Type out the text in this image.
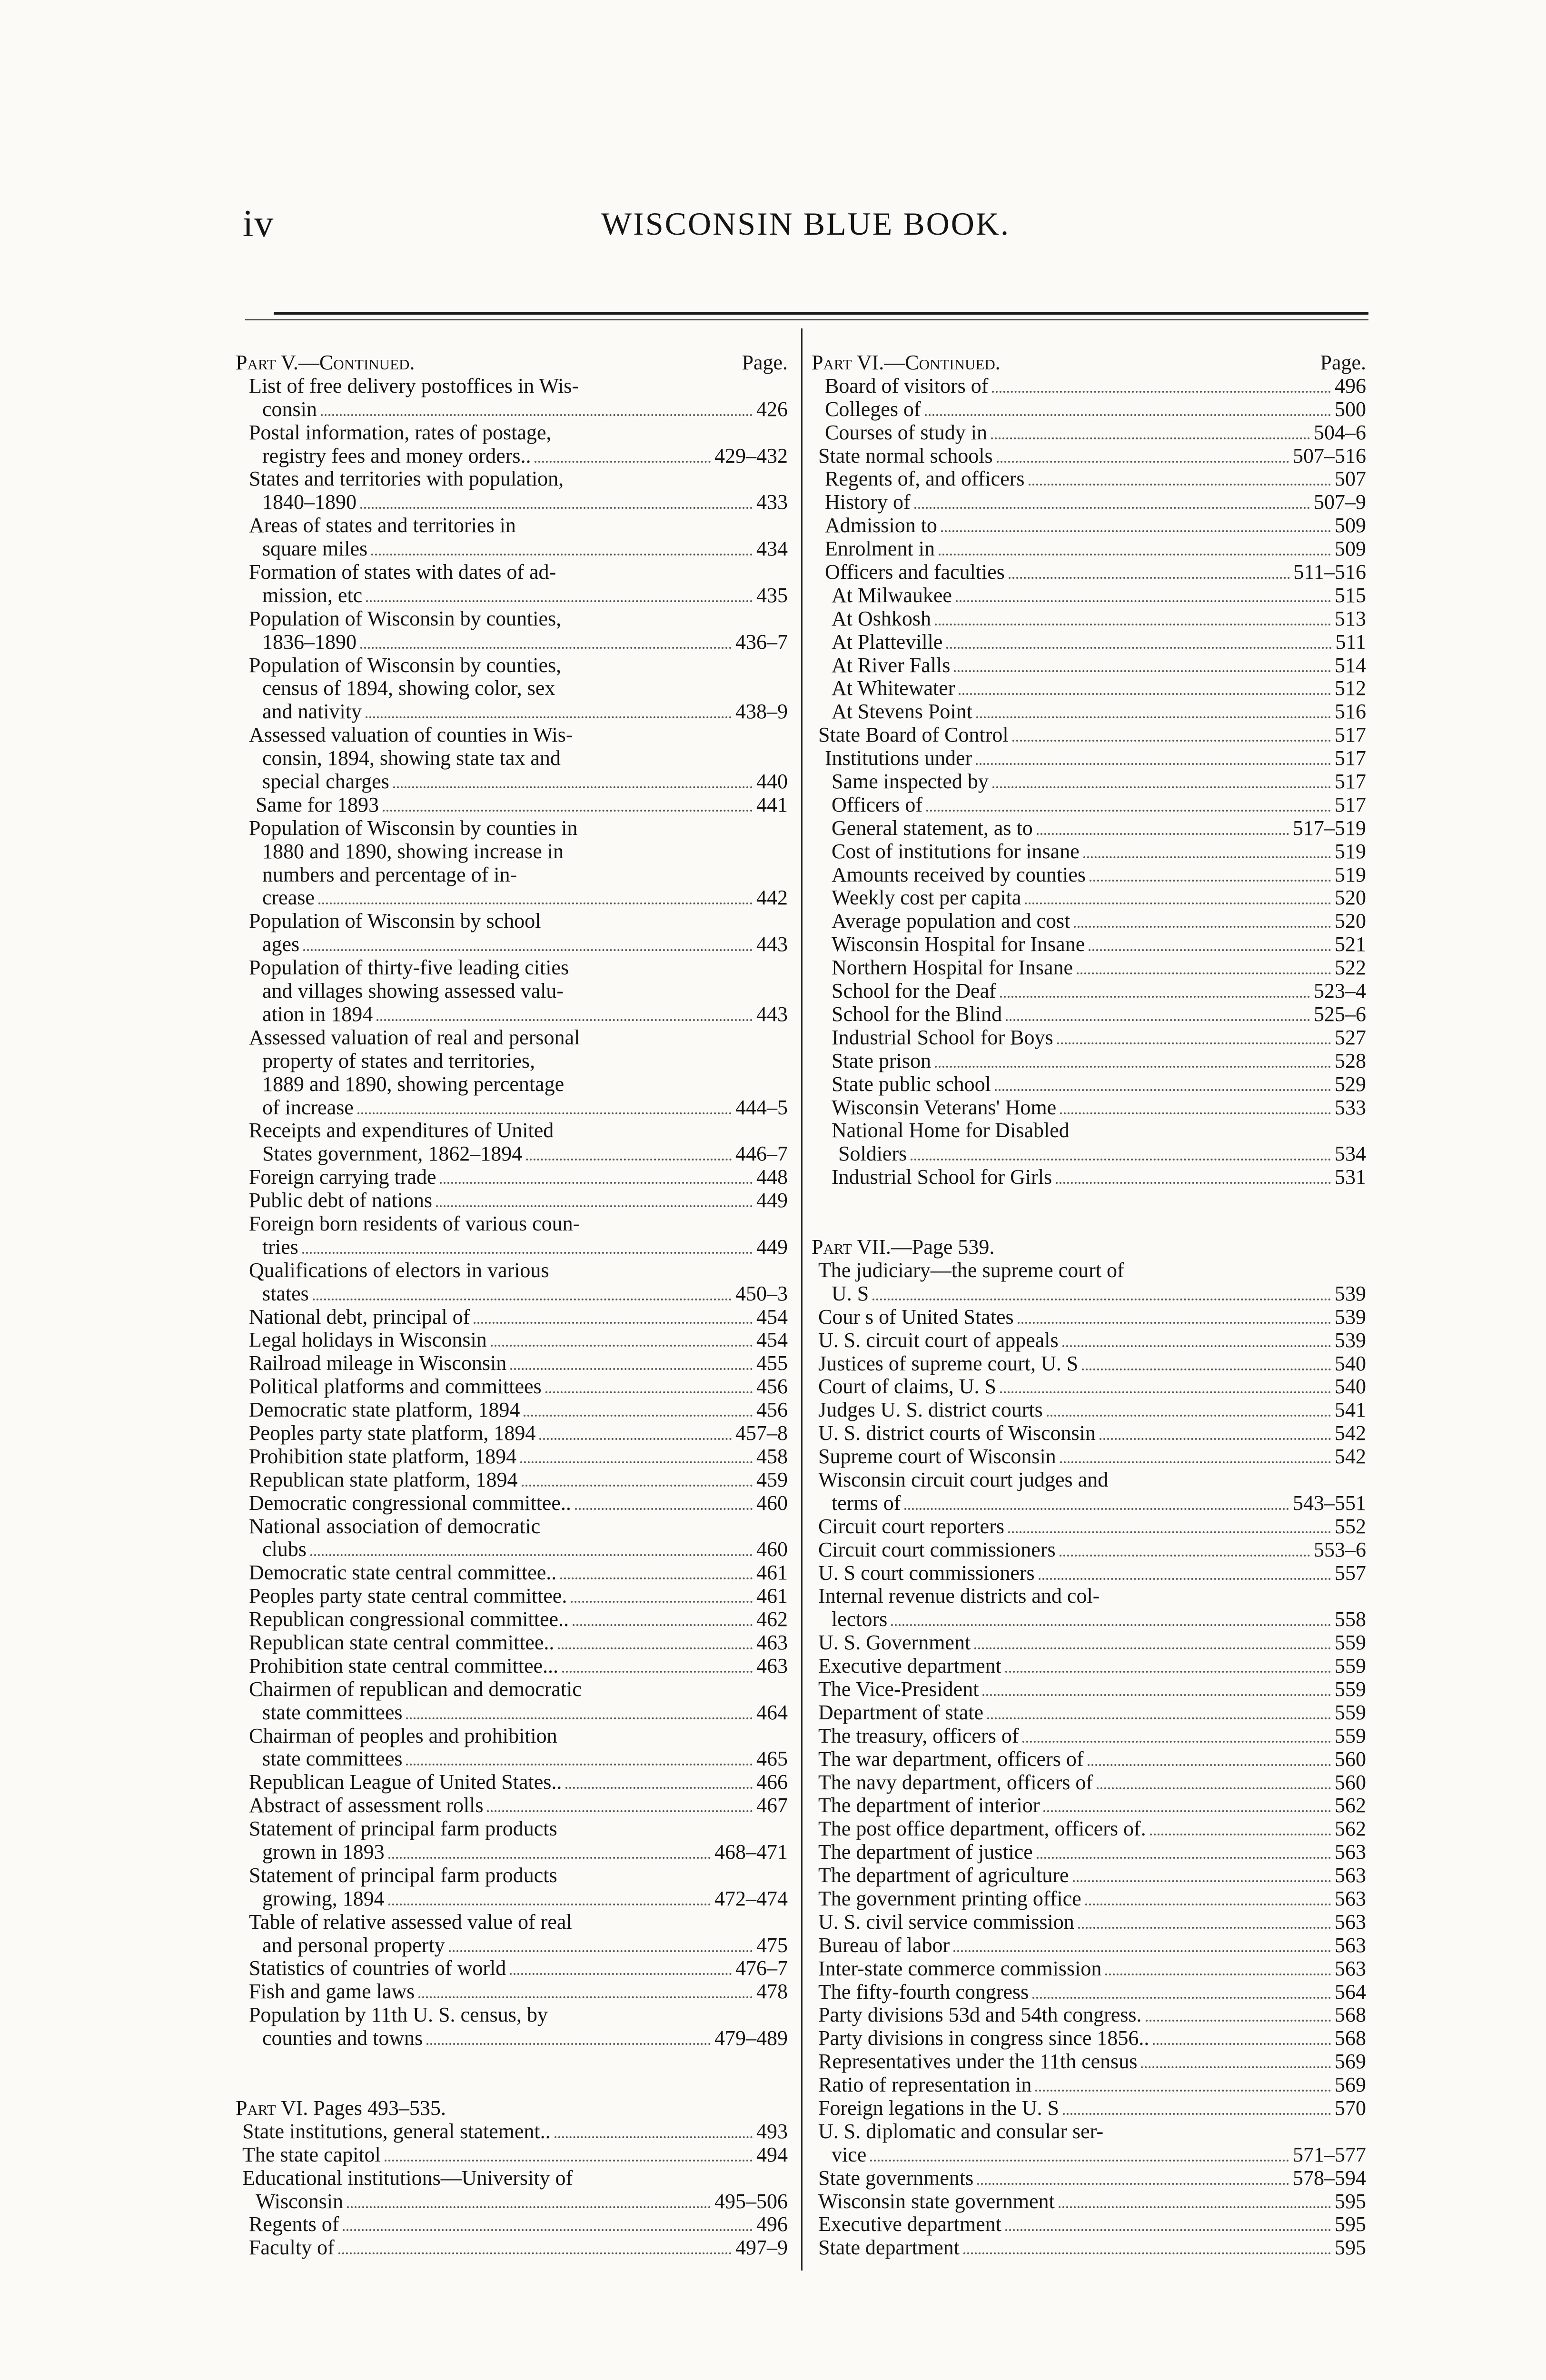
iv	WISCONSIN BLUE BOOK.
Part V.—Continued.	Page.
List of free delivery postoffices in Wis-
consin	426
Postal information, rates of postage,
registry fees and money orders..	429–432
States and territories with population,
1840–1890	433
Areas of states and territories in
square miles	434
Formation of states with dates of ad-
mission, etc	435
Population of Wisconsin by counties,
1836–1890	436–7
Population of Wisconsin by counties,
census of 1894, showing color, sex
and nativity	438–9
Assessed valuation of counties in Wis-
consin, 1894, showing state tax and
special charges	440
Same for 1893	441
Population of Wisconsin by counties in
1880 and 1890, showing increase in
numbers and percentage of in-
crease	442
Population of Wisconsin by school
ages	443
Population of thirty-five leading cities
and villages showing assessed valu-
ation in 1894	443
Assessed valuation of real and personal
property of states and territories,
1889 and 1890, showing percentage
of increase	444–5
Receipts and expenditures of United
States government, 1862–1894	446–7
Foreign carrying trade	448
Public debt of nations	449
Foreign born residents of various coun-
tries	449
Qualifications of electors in various
states	450–3
National debt, principal of	454
Legal holidays in Wisconsin	454
Railroad mileage in Wisconsin	455
Political platforms and committees	456
Democratic state platform, 1894	456
Peoples party state platform, 1894	457–8
Prohibition state platform, 1894	458
Republican state platform, 1894	459
Democratic congressional committee..	460
National association of democratic
clubs	460
Democratic state central committee..	461
Peoples party state central committee.	461
Republican congressional committee..	462
Republican state central committee..	463
Prohibition state central committee...	463
Chairmen of republican and democratic
state committees	464
Chairman of peoples and prohibition
state committees	465
Republican League of United States..	466
Abstract of assessment rolls	467
Statement of principal farm products
grown in 1893	468–471
Statement of principal farm products
growing, 1894	472–474
Table of relative assessed value of real
and personal property	475
Statistics of countries of world	476–7
Fish and game laws	478
Population by 11th U. S. census, by
counties and towns	479–489
Part VI. Pages 493–535.
State institutions, general statement..	493
The state capitol	494
Educational institutions—University of
Wisconsin	495–506
Regents of	496
Faculty of	497–9
Part VI.—Continued.	Page.
Board of visitors of	496
Colleges of	500
Courses of study in	504–6
State normal schools	507–516
Regents of, and officers	507
History of	507–9
Admission to	509
Enrolment in	509
Officers and faculties	511–516
At Milwaukee	515
At Oshkosh	513
At Platteville	511
At River Falls	514
At Whitewater	512
At Stevens Point	516
State Board of Control	517
Institutions under	517
Same inspected by	517
Officers of	517
General statement, as to	517–519
Cost of institutions for insane	519
Amounts received by counties	519
Weekly cost per capita	520
Average population and cost	520
Wisconsin Hospital for Insane	521
Northern Hospital for Insane	522
School for the Deaf	523–4
School for the Blind	525–6
Industrial School for Boys	527
State prison	528
State public school	529
Wisconsin Veterans' Home	533
National Home for Disabled
Soldiers	534
Industrial School for Girls	531
Part VII.—Page 539.
The judiciary—the supreme court of
U. S	539
Cour s of United States	539
U. S. circuit court of appeals	539
Justices of supreme court, U. S	540
Court of claims, U. S	540
Judges U. S. district courts	541
U. S. district courts of Wisconsin	542
Supreme court of Wisconsin	542
Wisconsin circuit court judges and
terms of	543–551
Circuit court reporters	552
Circuit court commissioners	553–6
U. S court commissioners	557
Internal revenue districts and col-
lectors	558
U. S. Government	559
Executive department	559
The Vice-President	559
Department of state	559
The treasury, officers of	559
The war department, officers of	560
The navy department, officers of	560
The department of interior	562
The post office department, officers of.	562
The department of justice	563
The department of agriculture	563
The government printing office	563
U. S. civil service commission	563
Bureau of labor	563
Inter-state commerce commission	563
The fifty-fourth congress	564
Party divisions 53d and 54th congress.	568
Party divisions in congress since 1856..	568
Representatives under the 11th census	569
Ratio of representation in	569
Foreign legations in the U. S	570
U. S. diplomatic and consular ser-
vice	571–577
State governments	578–594
Wisconsin state government	595
Executive department	595
State department	595
